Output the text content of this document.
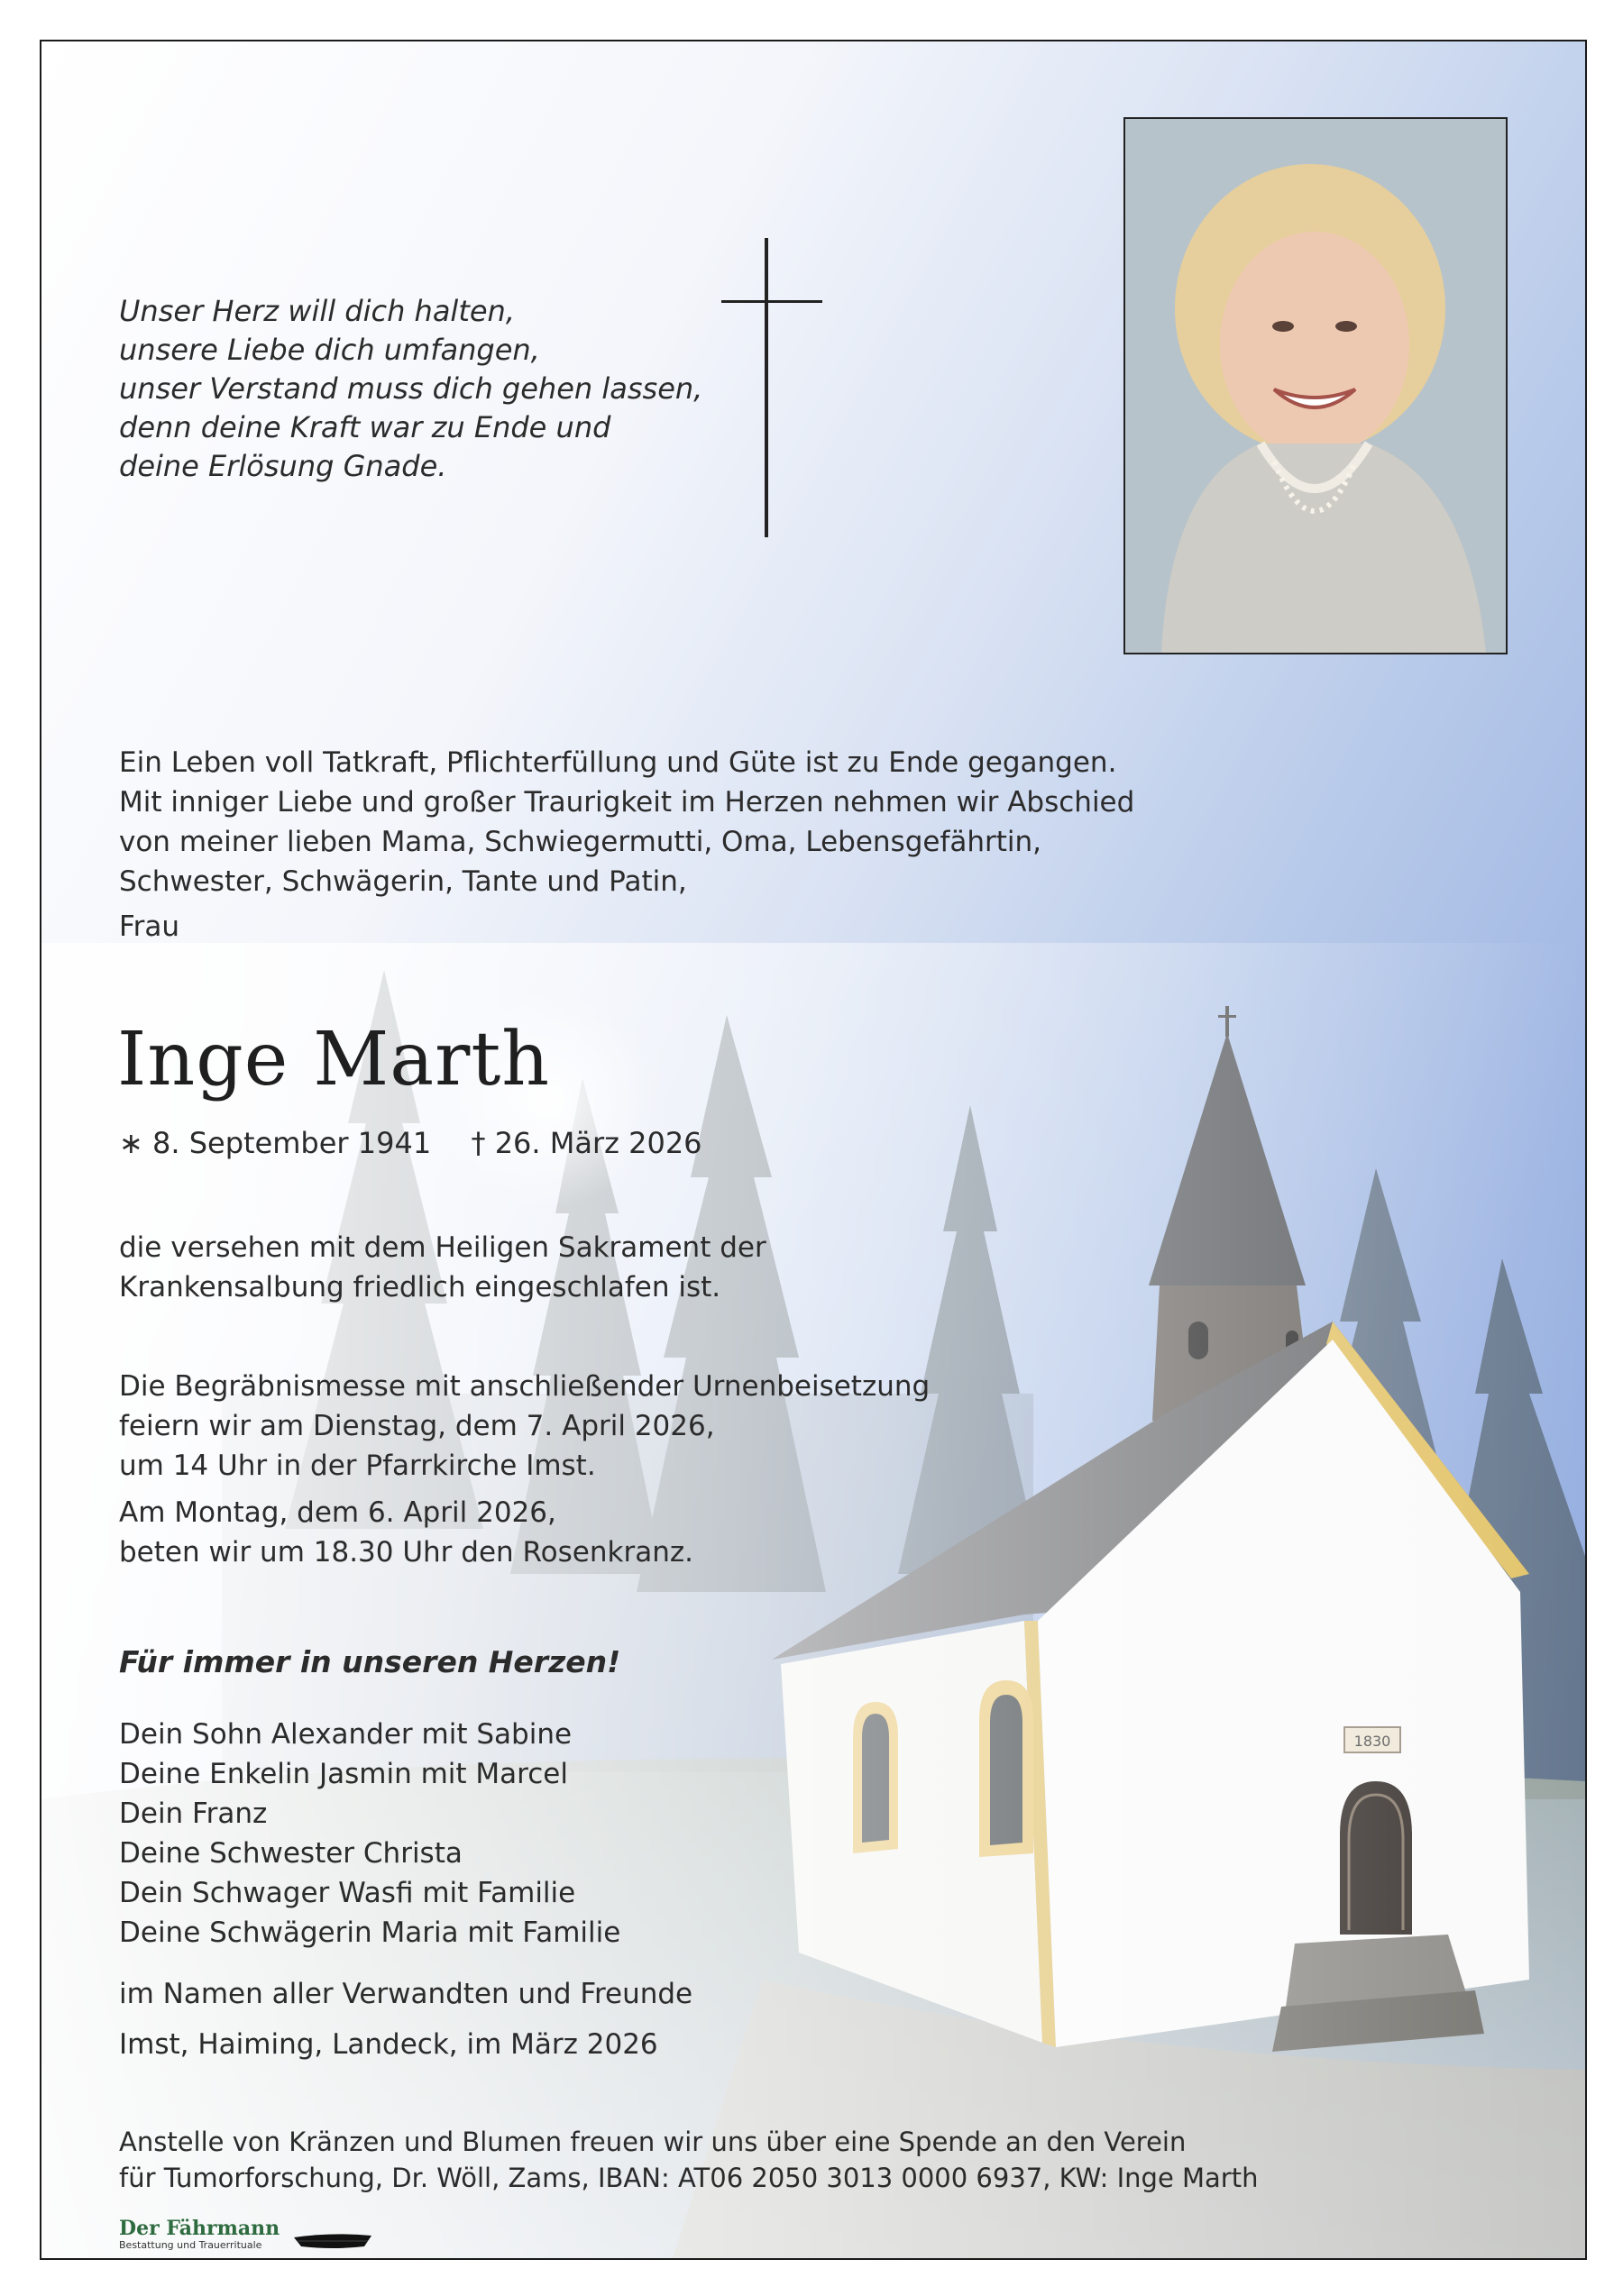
Unser Herz will dich halten,
unsere Liebe dich umfangen,
unser Verstand muss dich gehen lassen,
denn deine Kraft war zu Ende und
deine Erlösung Gnade.
Ein Leben voll Tatkraft, Pflichterfüllung und Güte ist zu Ende gegangen.
Mit inniger Liebe und großer Traurigkeit im Herzen nehmen wir Abschied
von meiner lieben Mama, Schwiegermutti, Oma, Lebensgefährtin,
Schwester, Schwägerin, Tante und Patin,
Frau
Inge Marth
∗ 8. September 1941 † 26. März 2026
die versehen mit dem Heiligen Sakrament der
Krankensalbung friedlich eingeschlafen ist.
Die Begräbnismesse mit anschließender Urnenbeisetzung
feiern wir am Dienstag, dem 7. April 2026,
um 14 Uhr in der Pfarrkirche Imst.
Am Montag, dem 6. April 2026,
beten wir um 18.30 Uhr den Rosenkranz.
Für immer in unseren Herzen!
Dein Sohn Alexander mit Sabine
Deine Enkelin Jasmin mit Marcel
Dein Franz
Deine Schwester Christa
Dein Schwager Wasfi mit Familie
Deine Schwägerin Maria mit Familie
im Namen aller Verwandten und Freunde
Imst, Haiming, Landeck, im März 2026
Anstelle von Kränzen und Blumen freuen wir uns über eine Spende an den Verein
für Tumorforschung, Dr. Wöll, Zams, IBAN: AT06 2050 3013 0000 6937, KW: Inge Marth
Der Fährmann
Bestattung und Trauerrituale
